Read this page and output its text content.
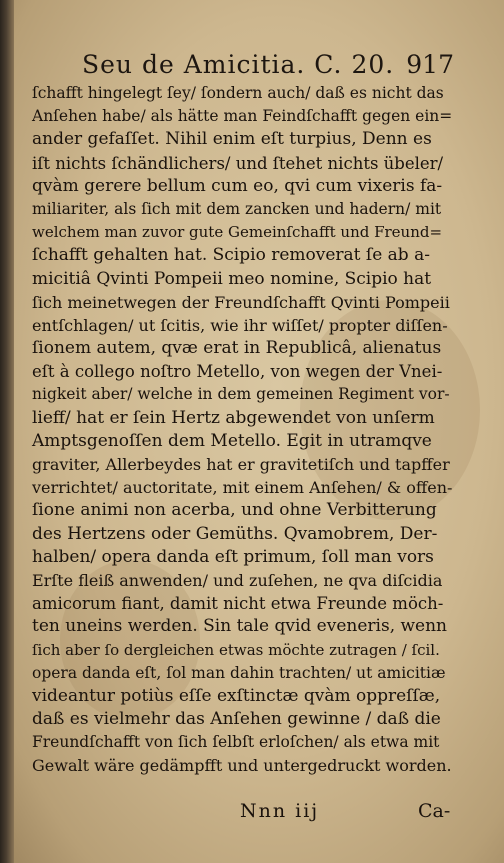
Seu de Amicitia. C. 20. 917
ſchafft hingelegt ſey/ ſondern auch/ daß es nicht das
Anſehen habe/ als hätte man Feindſchafft gegen ein=
ander gefaſſet. Nihil enim eſt turpius, Denn es
iſt nichts ſchändlichers/ und ſtehet nichts übeler/
qvàm gerere bellum cum eo, qvi cum vixeris fa-
miliariter, als ſich mit dem zancken und hadern/ mit
welchem man zuvor gute Gemeinſchafft und Freund=
ſchafft gehalten hat. Scipio removerat ſe ab a-
micitiâ Qvinti Pompeii meo nomine, Scipio hat
ſich meinetwegen der Freundſchafft Qvinti Pompeii
entſchlagen/ ut ſcitis, wie ihr wiſſet/ propter diſſen-
ſionem autem, qvæ erat in Republicâ, alienatus
eſt à collego noſtro Metello, von wegen der Vnei-
nigkeit aber/ welche in dem gemeinen Regiment vor-
lieff/ hat er ſein Hertz abgewendet von unſerm
Amptsgenoſſen dem Metello. Egit in utramqve
graviter, Allerbeydes hat er gravitetiſch und tapffer
verrichtet/ auctoritate, mit einem Anſehen/ & offen-
ſione animi non acerba, und ohne Verbitterung
des Hertzens oder Gemüths. Qvamobrem, Der-
halben/ opera danda eſt primum, ſoll man vors
Erſte fleiß anwenden/ und zuſehen, ne qva diſcidia
amicorum fiant, damit nicht etwa Freunde möch-
ten uneins werden. Sin tale qvid eveneris, wenn
ſich aber ſo dergleichen etwas möchte zutragen / ſcil.
opera danda eſt, ſol man dahin trachten/ ut amicitiæ
videantur potiùs eſſe exſtinctæ qvàm oppreſſæ,
daß es vielmehr das Anſehen gewinne / daß die
Freundſchafft von ſich ſelbſt erloſchen/ als etwa mit
Gewalt wäre gedämpfft und untergedruckt worden.
Nnn iij	Ca-
